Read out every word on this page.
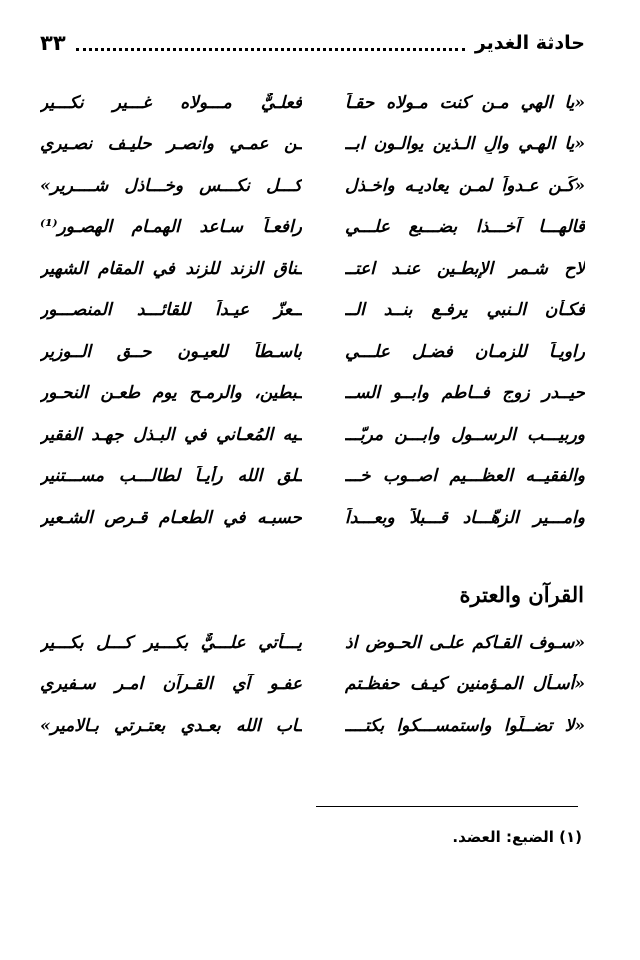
حادثة الغدير
٣٣
«يا الهي مـن كنت مـولاه حقـاً
فعلـيٌّ مـــولاه غـــير نكـــير
«يا الهـي والِ الـذين يوالـون ابــ
ـن عمـي وانصـر حليـف نصـيري
«كُـن عـدواً لمـن يعاديـه واخـذل
كـــل نكـــس وخـــاذل شــــرير»
قالهـــا آخـــذا بضـــبع علـــي
رافعـاً سـاعد الهمـام الهصـور⁽¹⁾
لاح شـمر الإبطـين عنـد اعتــ
ـناق الزند للزند في المقام الشهير
فكـأن الـنبي يرفـع بنــد الــ
ــعزّ عيـداً للقائـــد المنصـــور
راويـاً للزمـان فضـل علـــي
باسـطاً للعيـون حــق الــوزير
حيــدر زوج فــاطم وابــو الســ
ـبطين، والرمـح يوم طعـن النحـور
وربيـــب الرســول وابـــن مربّـــ
ـيه المُعـاني في البـذل جهـد الفقير
والفقيــه العظـــيم اصــوب خـــ
ـلق الله رأيـاً لطالـــب مســـتنير
وامـــير الزهّـــاد قـــبلاً وبعـــداً
حسبـه في الطعـام قـرص الشـعير
القرآن والعترة
«سـوف القـاكم علـى الحـوض اذ
يـــأتي علـــيٌّ بكـــير كـــل بكـــير
«أسـأل المـؤمنين كيـف حفظـتم
عفـو آي القـرآن امـر سـفيري
«لا تضــلُّوا واستمســـكوا بكتــــ
ـاب الله بعـدي بعتـرتي بـالامير»
(١) الضبع: العضد.
